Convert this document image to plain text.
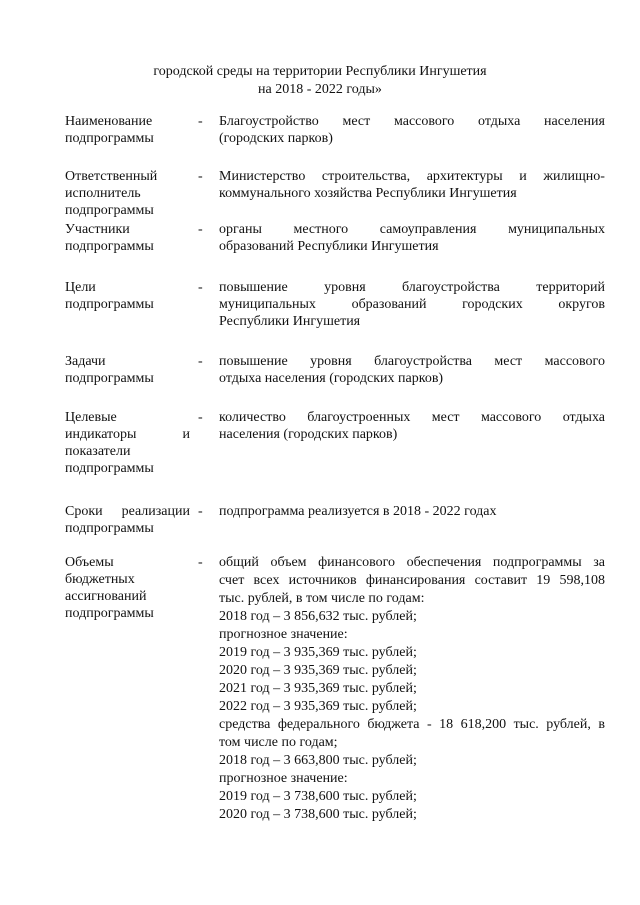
городской среды на территории Республики Ингушетия
на 2018 - 2022 годы»
Наименование
подпрограммы
- Благоустройство мест массового отдыха населения
(городских парков)
Ответственный
исполнитель
подпрограммы
- Министерство строительства, архитектуры и жилищно-
коммунального хозяйства Республики Ингушетия
Участники
подпрограммы
- органы местного самоуправления муниципальных
образований Республики Ингушетия
Цели
подпрограммы
- повышение	уровня	благоустройства	территорий
муниципальных	образований	городских	округов
Республики Ингушетия
Задачи
подпрограммы
- повышение уровня благоустройства мест массового
отдыха населения (городских парков)
Целевые
индикаторы	и
показатели
подпрограммы
- количество благоустроенных мест массового отдыха
населения (городских парков)
Сроки реализации
подпрограммы
- подпрограмма реализуется в 2018 - 2022 годах
Объемы
бюджетных
ассигнований
подпрограммы
- общий объем финансового обеспечения подпрограммы за
счет всех источников финансирования составит 19 598,108
тыс. рублей, в том числе по годам:
2018 год – 3 856,632 тыс. рублей;
прогнозное значение:
2019 год – 3 935,369 тыс. рублей;
2020 год – 3 935,369 тыс. рублей;
2021 год – 3 935,369 тыс. рублей;
2022 год – 3 935,369 тыс. рублей;
средства федерального бюджета - 18 618,200 тыс. рублей, в
том числе по годам;
2018 год – 3 663,800 тыс. рублей;
прогнозное значение:
2019 год – 3 738,600 тыс. рублей;
2020 год – 3 738,600 тыс. рублей;
